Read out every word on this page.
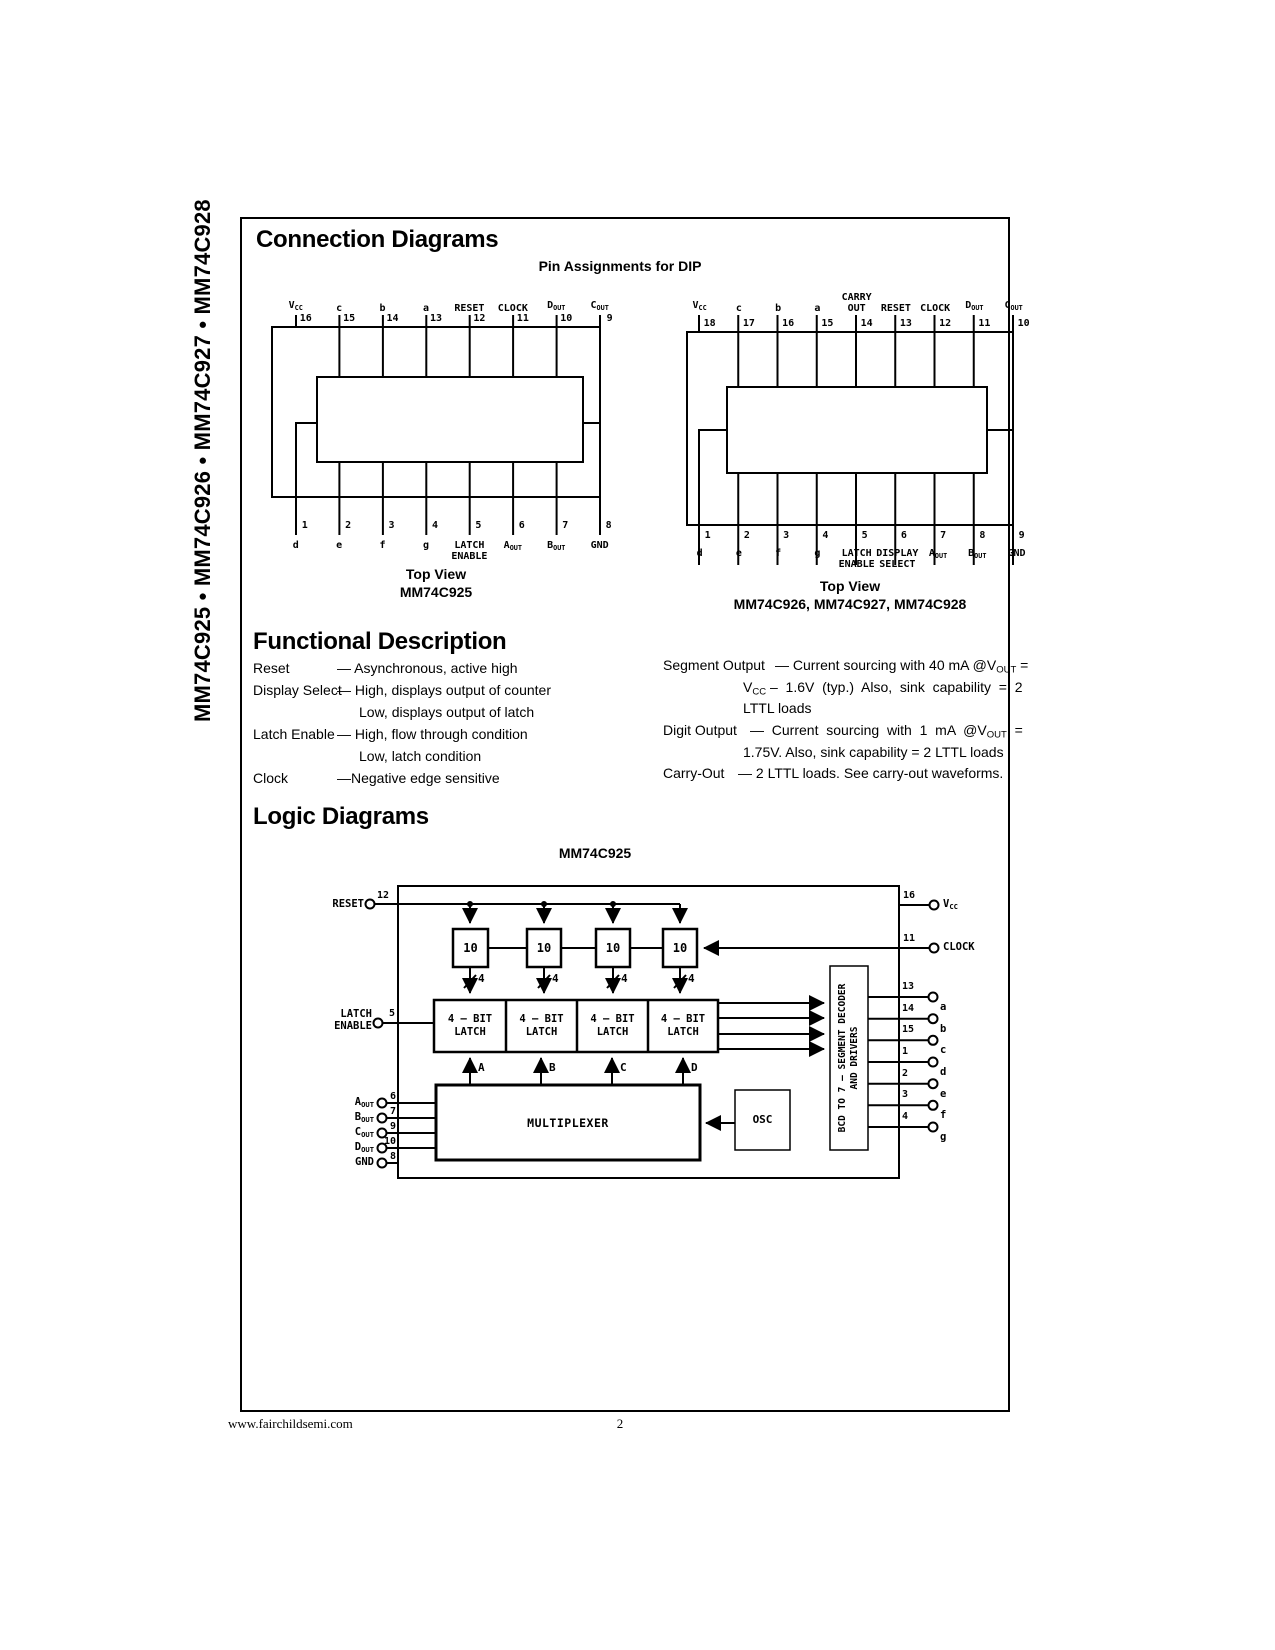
MM74C925 • MM74C926 • MM74C927 • MM74C928	Connection Diagrams
Pin Assignments for DIP
VCC	c	b	a	RESET	CLOCK	DOUT	COUT
16	15	14	13	12	11	10	9
1	2	3	4	5	6	7	8
d	e	f	g	LATCH ENABLE
AOUT	BOUT	GND
Top View
MM74C925
VCC	c	b	a
CARRY OUT	RESET CLOCK	DOUT	COUT
18	17	16	15	14	13	12	11	10
1	2	3	4	5	6	7	8	9
d	e	f	g	LATCH ENABLE
DISPLAY SELECT
AOUT	BOUT	GND
Top View
MM74C926, MM74C927, MM74C928
Functional Description
Reset	— Asynchronous, active high
Display Select
— High, displays output of counter
Low, displays output of latch
Latch Enable — High, flow through condition
Low, latch condition
Clock	—Negative edge sensitive
Segment Output — Current sourcing with 40 mA @VOUT =
VCC –  1.6V  (typ.)  Also,  sink  capability  =  2
LTTL loads
Digit Output —  Current  sourcing  with  1  mA  @VOUT  =
1.75V. Also, sink capability = 2 LTTL loads
Carry-Out — 2 LTTL loads. See carry-out waveforms.
Logic Diagrams
MM74C925
RESET
12
10	10	10	10
4	4	4	4
4 – BIT
LATCH
4 – BIT
LATCH
4 – BIT
LATCH
4 – BIT
LATCH
A	B	C	D
LATCH ENABLE
5
MULTIPLEXER	OSC	BCD TO 7 – SEGMENT DECODER AND DRIVERS
16
VCC
11
CLOCK
AOUT
6
BOUT
7
COUT
9
DOUT
10
GND	8
13
a
14
b
15
c
1
d
2
e
3
f
4
g
www.fairchildsemi.com	2
